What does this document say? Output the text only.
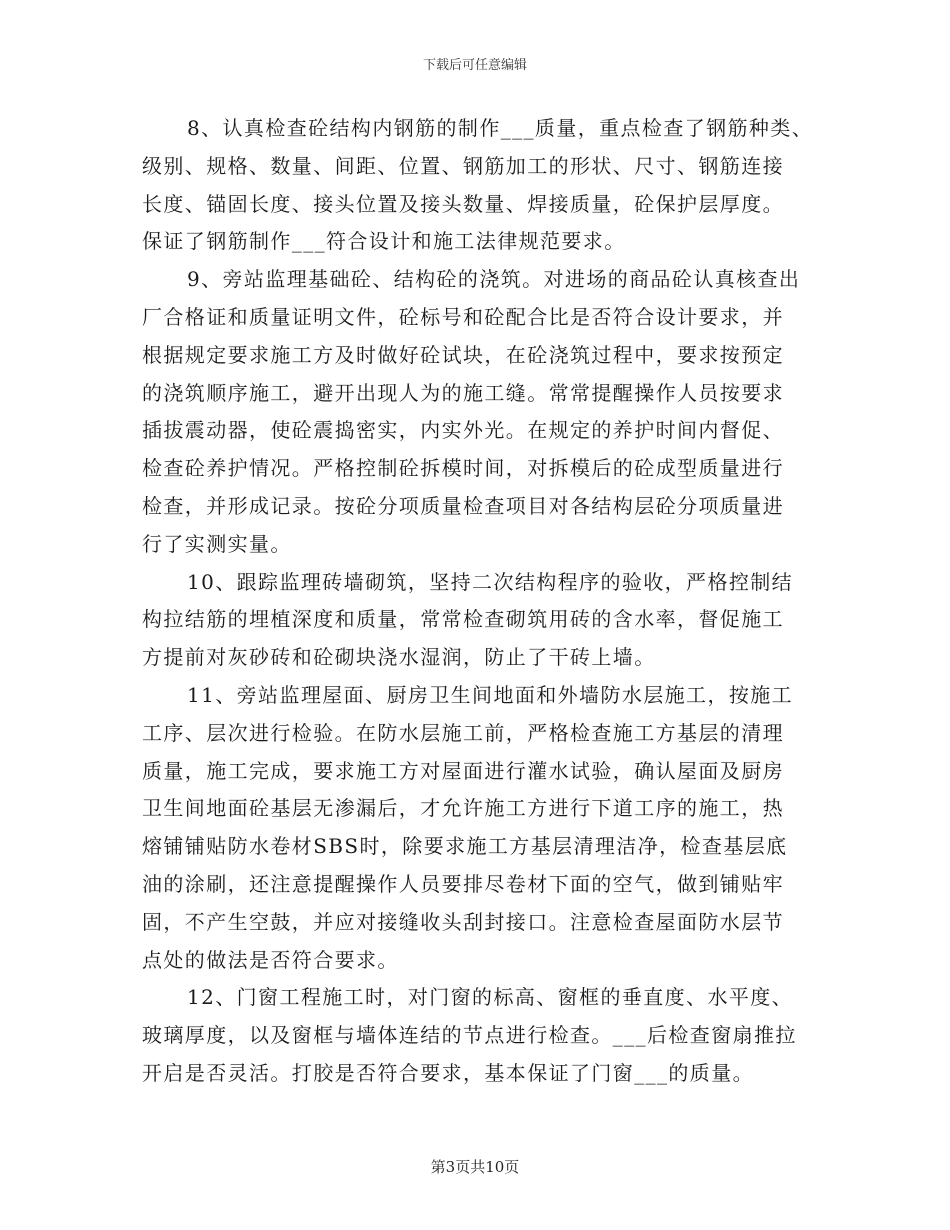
下载后可任意编辑
8、认真检查砼结构内钢筋的制作___质量，重点检查了钢筋种类、
级别、规格、数量、间距、位置、钢筋加工的形状、尺寸、钢筋连接
长度、锚固长度、接头位置及接头数量、焊接质量，砼保护层厚度。
保证了钢筋制作___符合设计和施工法律规范要求。
9、旁站监理基础砼、结构砼的浇筑。对进场的商品砼认真核查出
厂合格证和质量证明文件，砼标号和砼配合比是否符合设计要求，并
根据规定要求施工方及时做好砼试块，在砼浇筑过程中，要求按预定
的浇筑顺序施工，避开出现人为的施工缝。常常提醒操作人员按要求
插拔震动器，使砼震捣密实，内实外光。在规定的养护时间内督促、
检查砼养护情况。严格控制砼拆模时间，对拆模后的砼成型质量进行
检查，并形成记录。按砼分项质量检查项目对各结构层砼分项质量进
行了实测实量。
10、跟踪监理砖墙砌筑，坚持二次结构程序的验收，严格控制结
构拉结筋的埋植深度和质量，常常检查砌筑用砖的含水率，督促施工
方提前对灰砂砖和砼砌块浇水湿润，防止了干砖上墙。
11、旁站监理屋面、厨房卫生间地面和外墙防水层施工，按施工
工序、层次进行检验。在防水层施工前，严格检查施工方基层的清理
质量，施工完成，要求施工方对屋面进行灌水试验，确认屋面及厨房
卫生间地面砼基层无渗漏后，才允许施工方进行下道工序的施工，热
熔铺铺贴防水卷材SBS时，除要求施工方基层清理洁净，检查基层底
油的涂刷，还注意提醒操作人员要排尽卷材下面的空气，做到铺贴牢
固，不产生空鼓，并应对接缝收头刮封接口。注意检查屋面防水层节
点处的做法是否符合要求。
12、门窗工程施工时，对门窗的标高、窗框的垂直度、水平度、
玻璃厚度，以及窗框与墙体连结的节点进行检查。___后检查窗扇推拉
开启是否灵活。打胶是否符合要求，基本保证了门窗___的质量。
第3页共10页
